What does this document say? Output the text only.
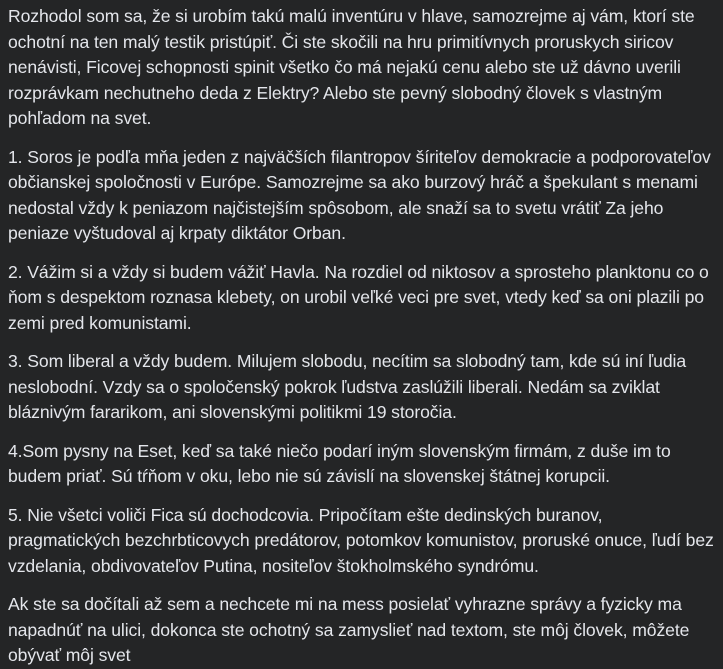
Rozhodol som sa, že si urobím takú malú inventúru v hlave, samozrejme aj vám, ktorí ste ochotní na ten malý testik pristúpiť. Či ste skočili na hru primitívnych proruskych siricov nenávisti, Ficovej schopnosti spinit všetko čo má nejakú cenu alebo ste už dávno uverili rozprávkam nechutneho deda z Elektry? Alebo ste pevný slobodný človek s vlastným pohľadom na svet.

1. Soros je podľa mňa jeden z najväčších filantropov šíriteľov demokracie a podporovateľov občianskej spoločnosti v Európe. Samozrejme sa ako burzový hráč a špekulant s menami nedostal vždy k peniazom najčistejším spôsobom, ale snaží sa to svetu vrátiť Za jeho peniaze vyštudoval aj krpaty diktátor Orban.

2. Vážim si a vždy si budem vážiť Havla. Na rozdiel od niktosov a sprosteho planktonu co o ňom s despektom roznasa klebety, on urobil veľké veci pre svet, vtedy keď sa oni plazili po zemi pred komunistami.

3. Som liberal a vždy budem. Milujem slobodu, necítim sa slobodný tam, kde sú iní ľudia neslobodní. Vzdy sa o spoločenský pokrok ľudstva zaslúžili liberali. Nedám sa zviklat bláznivým fararikom, ani slovenskými politikmi 19 storočia.

4.Som pysny na Eset, keď sa také niečo podarí iným slovenským firmám, z duše im to budem priať. Sú tŕňom v oku, lebo nie sú závislí na slovenskej štátnej korupcii.

5. Nie všetci voliči Fica sú dochodcovia. Pripočítam ešte dedinských buranov, pragmatických bezchrbticovych predátorov, potomkov komunistov, proruské onuce, ľudí bez vzdelania, obdivovateľov Putina, nositeľov štokholmského syndrómu.

Ak ste sa dočítali až sem a nechcete mi na mess posielať vyhrazne správy a fyzicky ma napadnúť na ulici, dokonca ste ochotný sa zamyslieť nad textom, ste môj človek, môžete obývať môj svet
